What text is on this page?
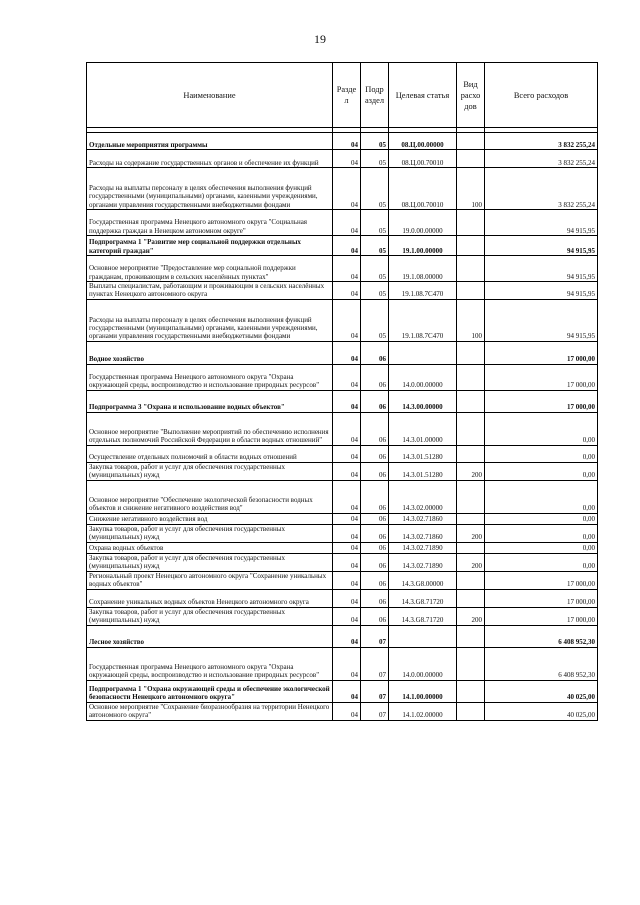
19
Наименование	Разде л	Подр аздел	Целевая статья	Вид расхо дов	Всего расходов

Отдельные мероприятия программы	04	05	08.Ц.00.00000		3 832 255,24
Расходы на содержание государственных органов и обеспечение их функций	04	05	08.Ц.00.70010		3 832 255,24
Расходы на выплаты персоналу в целях обеспечения выполнения функций государственными (муниципальными) органами, казенными учреждениями, органами управления государственными внебюджетными фондами	04	05	08.Ц.00.70010	100	3 832 255,24
Государственная программа Ненецкого автономного округа "Социальная поддержка граждан в Ненецком автономном округе"	04	05	19.0.00.00000		94 915,95
Подпрограмма 1 "Развитие мер социальной поддержки отдельных категорий граждан"	04	05	19.1.00.00000		94 915,95
Основное мероприятие "Предоставление мер социальной поддержки гражданам, проживающим в сельских населённых пунктах"	04	05	19.1.08.00000		94 915,95
Выплаты специалистам, работающим и проживающим в сельских населённых пунктах Ненецкого автономного округа	04	05	19.1.08.7С470		94 915,95
Расходы на выплаты персоналу в целях обеспечения выполнения функций государственными (муниципальными) органами, казенными учреждениями, органами управления государственными внебюджетными фондами	04	05	19.1.08.7С470	100	94 915,95
Водное хозяйство	04	06			17 000,00
Государственная программа Ненецкого автономного округа "Охрана окружающей среды, воспроизводство и использование природных ресурсов"	04	06	14.0.00.00000		17 000,00
Подпрограмма 3 "Охрана и использование водных объектов"	04	06	14.3.00.00000		17 000,00
Основное мероприятие "Выполнение мероприятий по обеспечению исполнения отдельных полномочий Российской Федерации в области водных отношений"	04	06	14.3.01.00000		0,00
Осуществление отдельных полномочий в области водных отношений	04	06	14.3.01.51280		0,00
Закупка товаров, работ и услуг для обеспечения государственных (муниципальных) нужд	04	06	14.3.01.51280	200	0,00
Основное мероприятие "Обеспечение экологической безопасности водных объектов и снижение негативного воздействия вод"	04	06	14.3.02.00000		0,00
Снижение негативного воздействия вод	04	06	14.3.02.71860		0,00
Закупка товаров, работ и услуг для обеспечения государственных (муниципальных) нужд	04	06	14.3.02.71860	200	0,00
Охрана водных объектов	04	06	14.3.02.71890		0,00
Закупка товаров, работ и услуг для обеспечения государственных (муниципальных) нужд	04	06	14.3.02.71890	200	0,00
Региональный проект Ненецкого автономного округа "Сохранение уникальных водных объектов"	04	06	14.3.G8.00000		17 000,00
Сохранение уникальных водных объектов Ненецкого автономного округа	04	06	14.3.G8.71720		17 000,00
Закупка товаров, работ и услуг для обеспечения государственных (муниципальных) нужд	04	06	14.3.G8.71720	200	17 000,00
Лесное хозяйство	04	07			6 408 952,30
Государственная программа Ненецкого автономного округа "Охрана окружающей среды, воспроизводство и использование природных ресурсов"	04	07	14.0.00.00000		6 408 952,30
Подпрограмма 1 "Охрана окружающей среды и обеспечение экологической безопасности Ненецкого автономного округа"	04	07	14.1.00.00000		40 025,00
Основное мероприятие "Сохранение биоразнообразия на территории Ненецкого автономного округа"	04	07	14.1.02.00000		40 025,00
